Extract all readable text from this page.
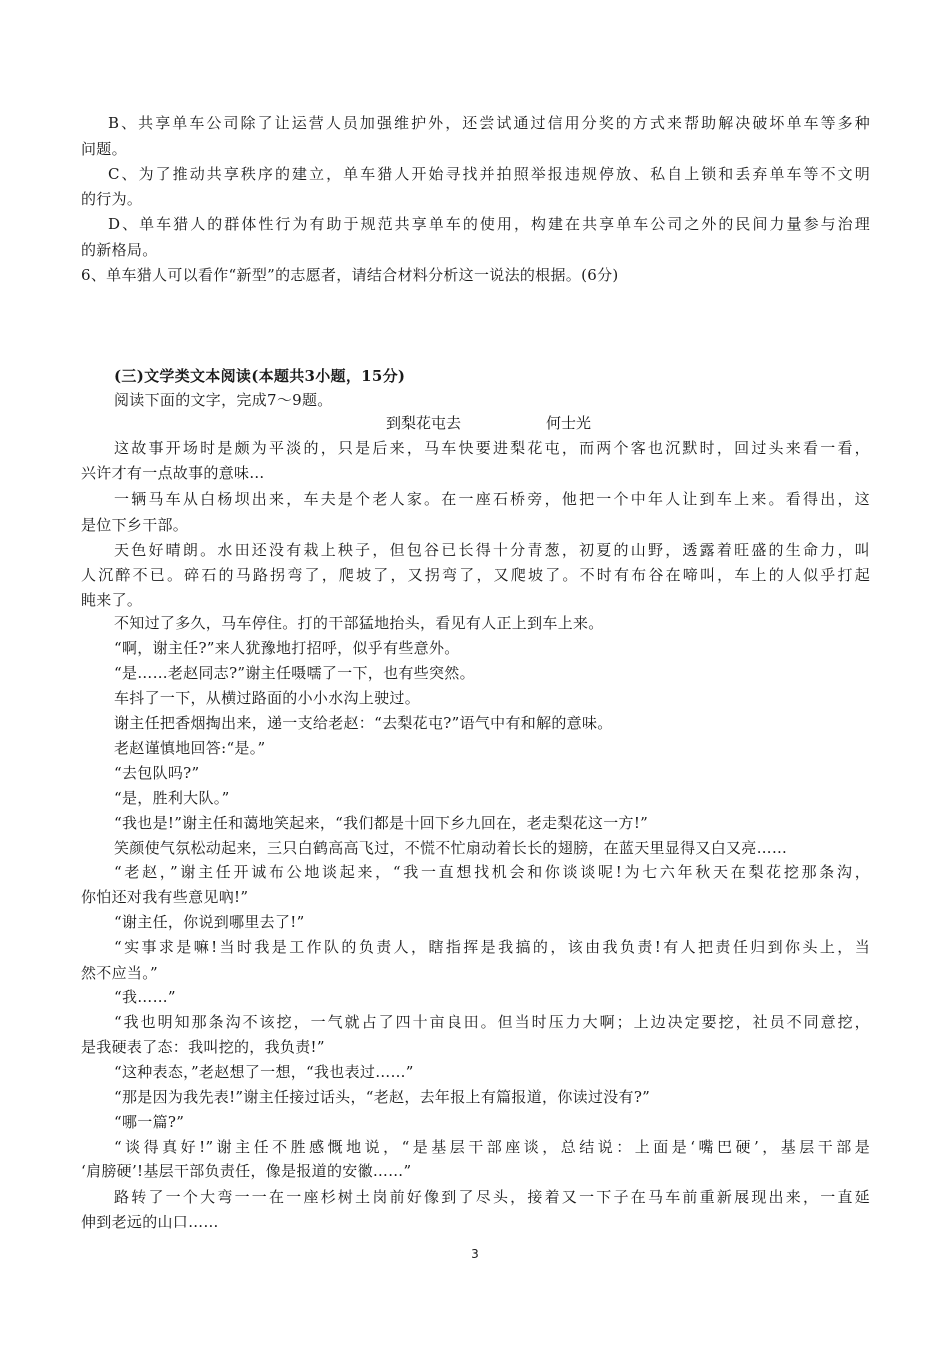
B、共享单车公司除了让运营人员加强维护外，还尝试通过信用分奖的方式来帮助解决破坏单车等多种
问题。
C、为了推动共享秩序的建立，单车猎人开始寻找并拍照举报违规停放、私自上锁和丢弃单车等不文明
的行为。
D、单车猎人的群体性行为有助于规范共享单车的使用，构建在共享单车公司之外的民间力量参与治理
的新格局。
6、单车猎人可以看作“新型”的志愿者，请结合材料分析这一说法的根据。(6分)
(三)文学类文本阅读(本题共3小题，15分)
阅读下面的文字，完成7～9题。
到梨花屯去	何士光
这故事开场时是颇为平淡的，只是后来，马车快要进梨花屯，而两个客也沉默时，回过头来看一看，
兴许才有一点故事的意味…
一辆马车从白杨坝出来，车夫是个老人家。在一座石桥旁，他把一个中年人让到车上来。看得出，这
是位下乡干部。
天色好晴朗。水田还没有栽上秧子，但包谷已长得十分青葱，初夏的山野，透露着旺盛的生命力，叫
人沉醉不已。碎石的马路拐弯了，爬坡了，又拐弯了，又爬坡了。不时有布谷在啼叫，车上的人似乎打起
盹来了。
不知过了多久，马车停住。打的干部猛地抬头，看见有人正上到车上来。
“啊，谢主任?”来人犹豫地打招呼，似乎有些意外。
“是……老赵同志?”谢主任嗫嚅了一下，也有些突然。
车抖了一下，从横过路面的小小水沟上驶过。
谢主任把香烟掏出来，递一支给老赵：“去梨花屯?”语气中有和解的意味。
老赵谨慎地回答:“是。”
“去包队吗?”
“是，胜利大队。”
“我也是!”谢主任和蔼地笑起来，“我们都是十回下乡九回在，老走梨花这一方!”
笑颜使气氛松动起来，三只白鹤高高飞过，不慌不忙扇动着长长的翅膀，在蓝天里显得又白又亮……
“老赵，”谢主任开诚布公地谈起来，“我一直想找机会和你谈谈呢!为七六年秋天在梨花挖那条沟，
你怕还对我有些意见吶!”
“谢主任，你说到哪里去了!”
“实事求是嘛!当时我是工作队的负责人，瞎指挥是我搞的，该由我负责!有人把责任归到你头上，当
然不应当。”
“我……”
“我也明知那条沟不该挖，一气就占了四十亩良田。但当时压力大啊；上边决定要挖，社员不同意挖，
是我硬表了态：我叫挖的，我负责!”
“这种表态，”老赵想了一想，“我也表过……”
“那是因为我先表!”谢主任接过话头，“老赵，去年报上有篇报道，你读过没有?”
“哪一篇?”
“谈得真好!”谢主任不胜感慨地说，“是基层干部座谈，总结说：上面是‘嘴巴硬’，基层干部是
‘肩膀硬’!基层干部负责任，像是报道的安徽……”
路转了一个大弯一一在一座杉树土岗前好像到了尽头，接着又一下子在马车前重新展现出来，一直延
伸到老远的山口……
3
